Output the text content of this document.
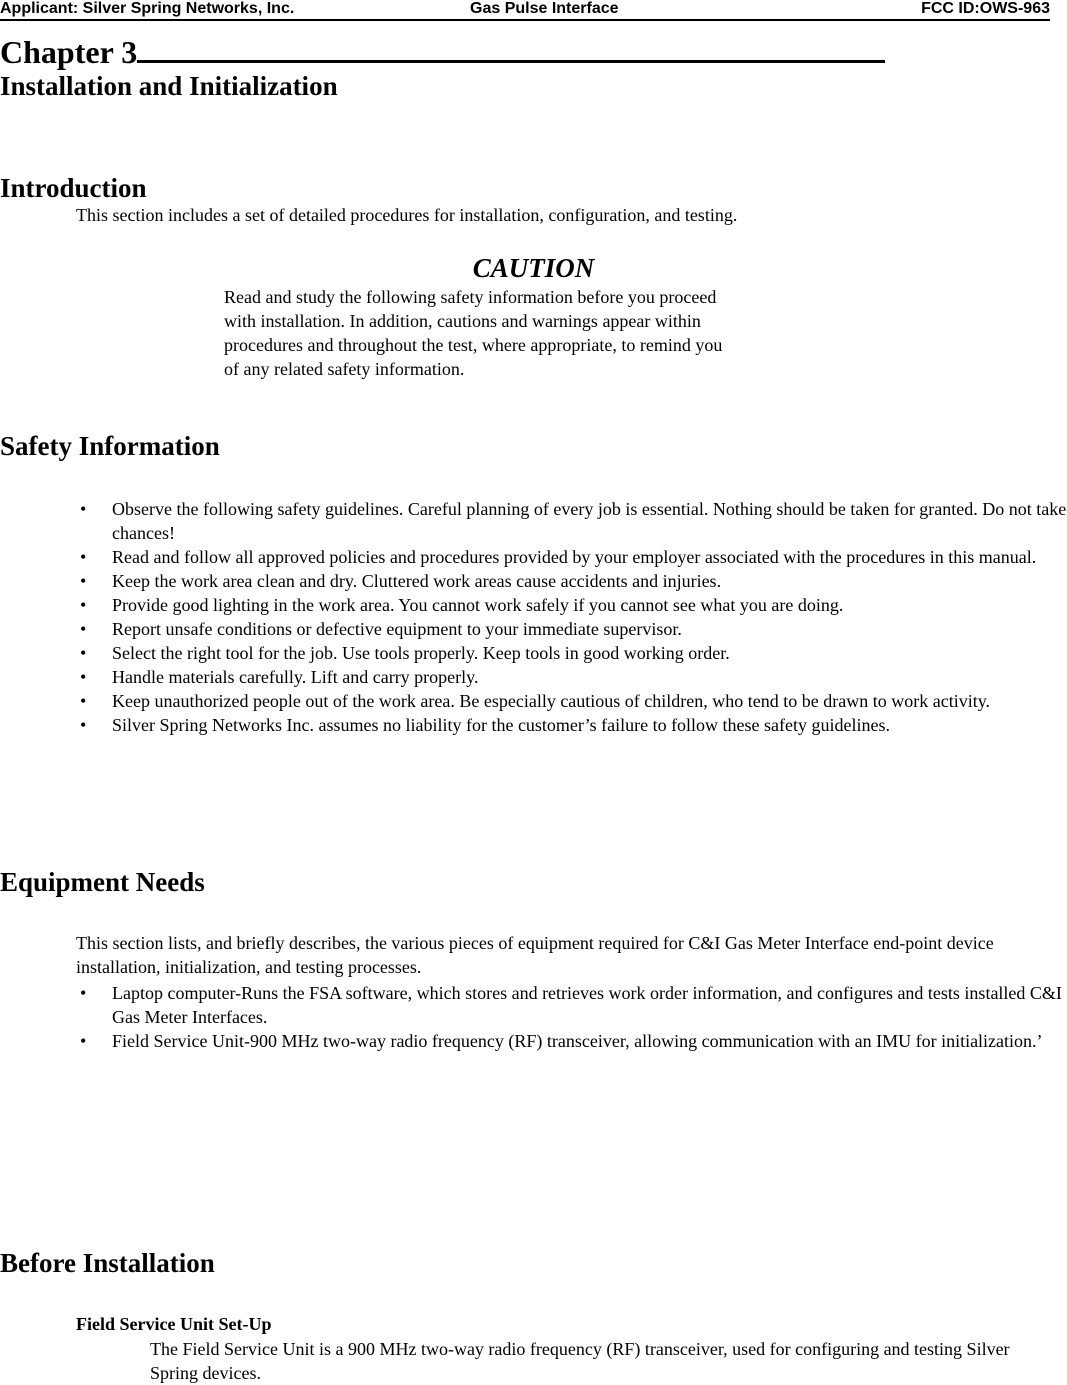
Applicant: Silver Spring Networks, Inc.	Gas Pulse Interface	FCC ID:OWS-963
Chapter 3
Installation and Initialization
Introduction

This section includes a set of detailed procedures for installation, configuration, and testing.

CAUTION

Read and study the following safety information before you proceed with installation. In addition, cautions and warnings appear within procedures and throughout the test, where appropriate, to remind you of any related safety information.

Safety Information
• Observe the following safety guidelines. Careful planning of every job is essential. Nothing should be taken for granted. Do not take chances!
• Read and follow all approved policies and procedures provided by your employer associated with the procedures in this manual.
• Keep the work area clean and dry. Cluttered work areas cause accidents and injuries.
• Provide good lighting in the work area. You cannot work safely if you cannot see what you are doing.
• Report unsafe conditions or defective equipment to your immediate supervisor.
• Select the right tool for the job. Use tools properly. Keep tools in good working order.
• Handle materials carefully. Lift and carry properly.
• Keep unauthorized people out of the work area. Be especially cautious of children, who tend to be drawn to work activity.
• Silver Spring Networks Inc. assumes no liability for the customer’s failure to follow these safety guidelines.
Equipment Needs

This section lists, and briefly describes, the various pieces of equipment required for C&I Gas Meter Interface end-point device installation, initialization, and testing processes.

• Laptop computer-Runs the FSA software, which stores and retrieves work order information, and configures and tests installed C&I Gas Meter Interfaces.
• Field Service Unit-900 MHz two-way radio frequency (RF) transceiver, allowing communication with an IMU for initialization.’
Before Installation

Field Service Unit Set-Up

The Field Service Unit is a 900 MHz two-way radio frequency (RF) transceiver, used for configuring and testing Silver Spring devices.
